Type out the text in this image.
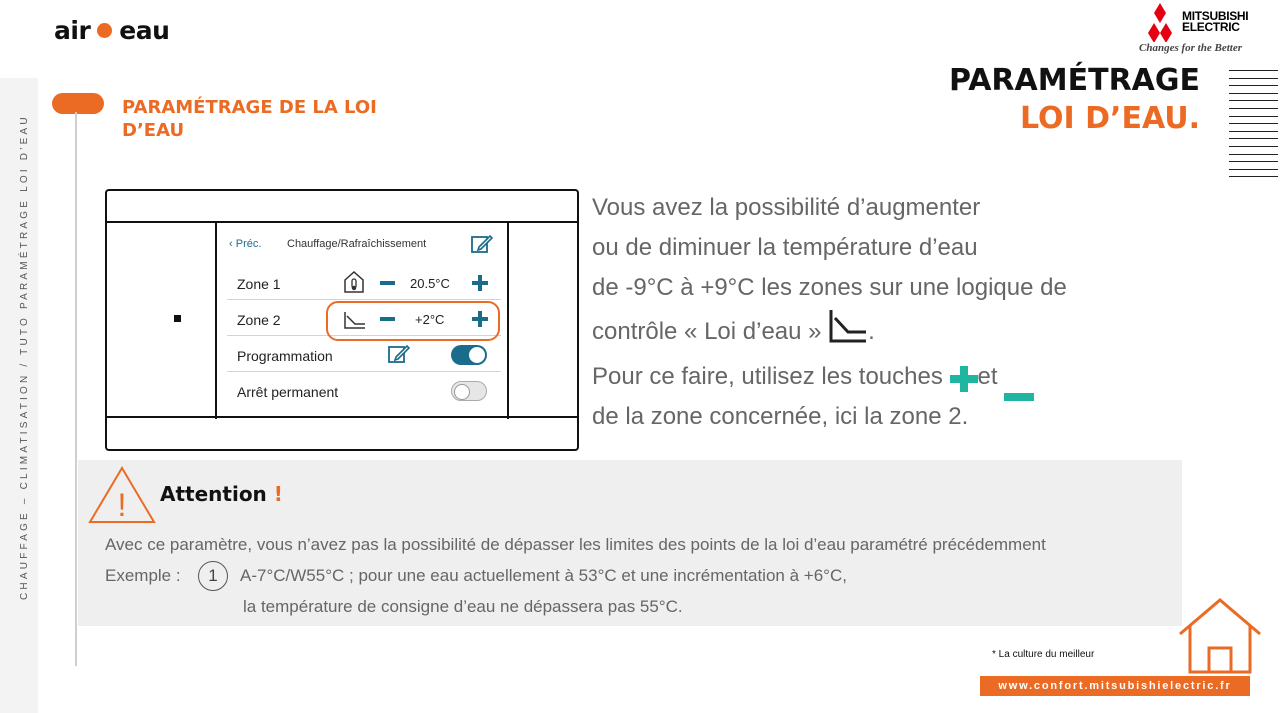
CHAUFFAGE – CLIMATISATION / TUTO PARAMÉTRAGE LOI D’EAU
air eau	MITSUBISHI
ELECTRIC
Changes for the Better
PARAMÉTRAGE DE LA LOI D’EAU
PARAMÉTRAGE
LOI D’EAU.
‹ Préc. Chauffage/Rafraîchissement
Zone 1	20.5°C
Zone 2	+2°C
Programmation
Arrêt permanent
Vous avez la possibilité d’augmenter
ou de diminuer la température d’eau
de -9°C à +9°C les zones sur une logique de
contrôle « Loi d’eau » .
Pour ce faire, utilisez les touches et
de la zone concernée, ici la zone 2.
! Attention !
Avec ce paramètre, vous n’avez pas la possibilité de dépasser les limites des points de la loi d’eau paramétré précédemment
Exemple :	1	A-7°C/W55°C ; pour une eau actuellement à 53°C et une incrémentation à +6°C,
la température de consigne d’eau ne dépassera pas 55°C.
* La culture du meilleur
www.confort.mitsubishielectric.fr
